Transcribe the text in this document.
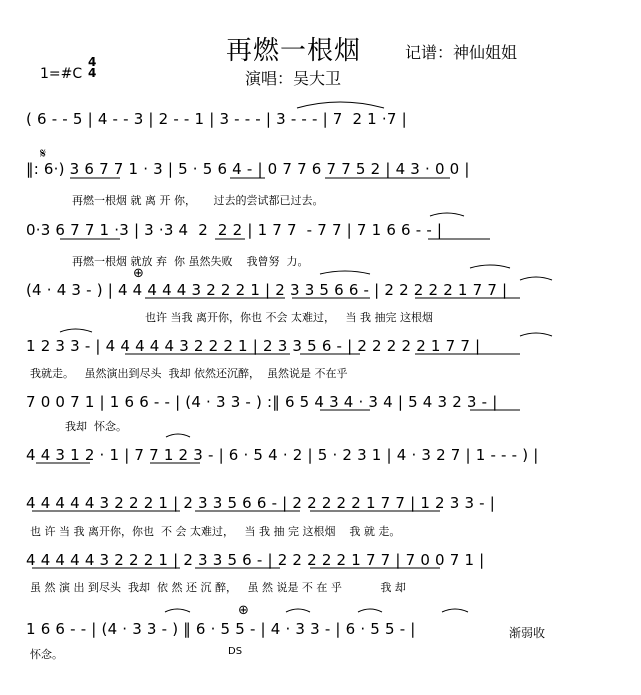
再燃一根烟	记谱：神仙姐姐
演唱：吴大卫
1=#C
4
4
( 6 - - 5 | 4 - - 3 | 2 - - 1 | 3 - - - | 3 - - - | 7  2 1 ·7 |
𝄋
‖: 6·) 3 6 7 7 1 · 3 | 5 · 5 6 4 - | 0 7 7 6 7 7 5 2 | 4 3 · 0 0 |
再燃一根烟 就 离 开 你，     过去的尝试都已过去。
0·3 6 7 7 1 ·3 | 3 ·3 4  2  2 2 | 1 7 7  - 7 7 | 7 1 6 6 - - |
再燃一根烟 就放 弃  你 虽然失败    我曾努  力。
⊕
(4 · 4 3 - ) | 4 4 4 4 4 3 2 2 2 1 | 2 3 3 5 6 6 - | 2 2 2 2 2 1 7 7 |
也许 当我 离开你，你也 不会 太难过，   当 我 抽完 这根烟
1 2 3 3 - | 4 4 4 4 4 3 2 2 2 1 | 2 3 3 5 6 - | 2 2 2 2 2 1 7 7 |
我就走。   虽然演出到尽头  我却 依然还沉醉，  虽然说是 不在乎
7 0 0 7 1 | 1 6 6 - - | (4 · 3 3 - ) :‖ 6 5 4 3 4 · 3 4 | 5 4 3 2 3 - |
我却  怀念。
4 4 3 1 2 · 1 | 7 7 1 2 3 - | 6 · 5 4 · 2 | 5 · 2 3 1 | 4 · 3 2 7 | 1 - - - ) |
4 4 4 4 4 3 2 2 2 1 | 2 3 3 5 6 6 - | 2 2 2 2 2 1 7 7 | 1 2 3 3 - |
也 许 当 我 离开你，你也  不 会 太难过，   当 我 抽 完 这根烟    我 就 走。
4 4 4 4 4 3 2 2 2 1 | 2 3 3 5 6 - | 2 2 2 2 2 1 7 7 | 7 0 0 7 1 |
虽 然 演 出 到尽头  我却  依 然 还 沉 醉，   虽 然 说是 不 在 乎           我 却
⊕
1 6 6 - - | (4 · 3 3 - ) ‖ 6 · 5 5 - | 4 · 3 3 - | 6 · 5 5 - |	渐弱收
怀念。	DS
